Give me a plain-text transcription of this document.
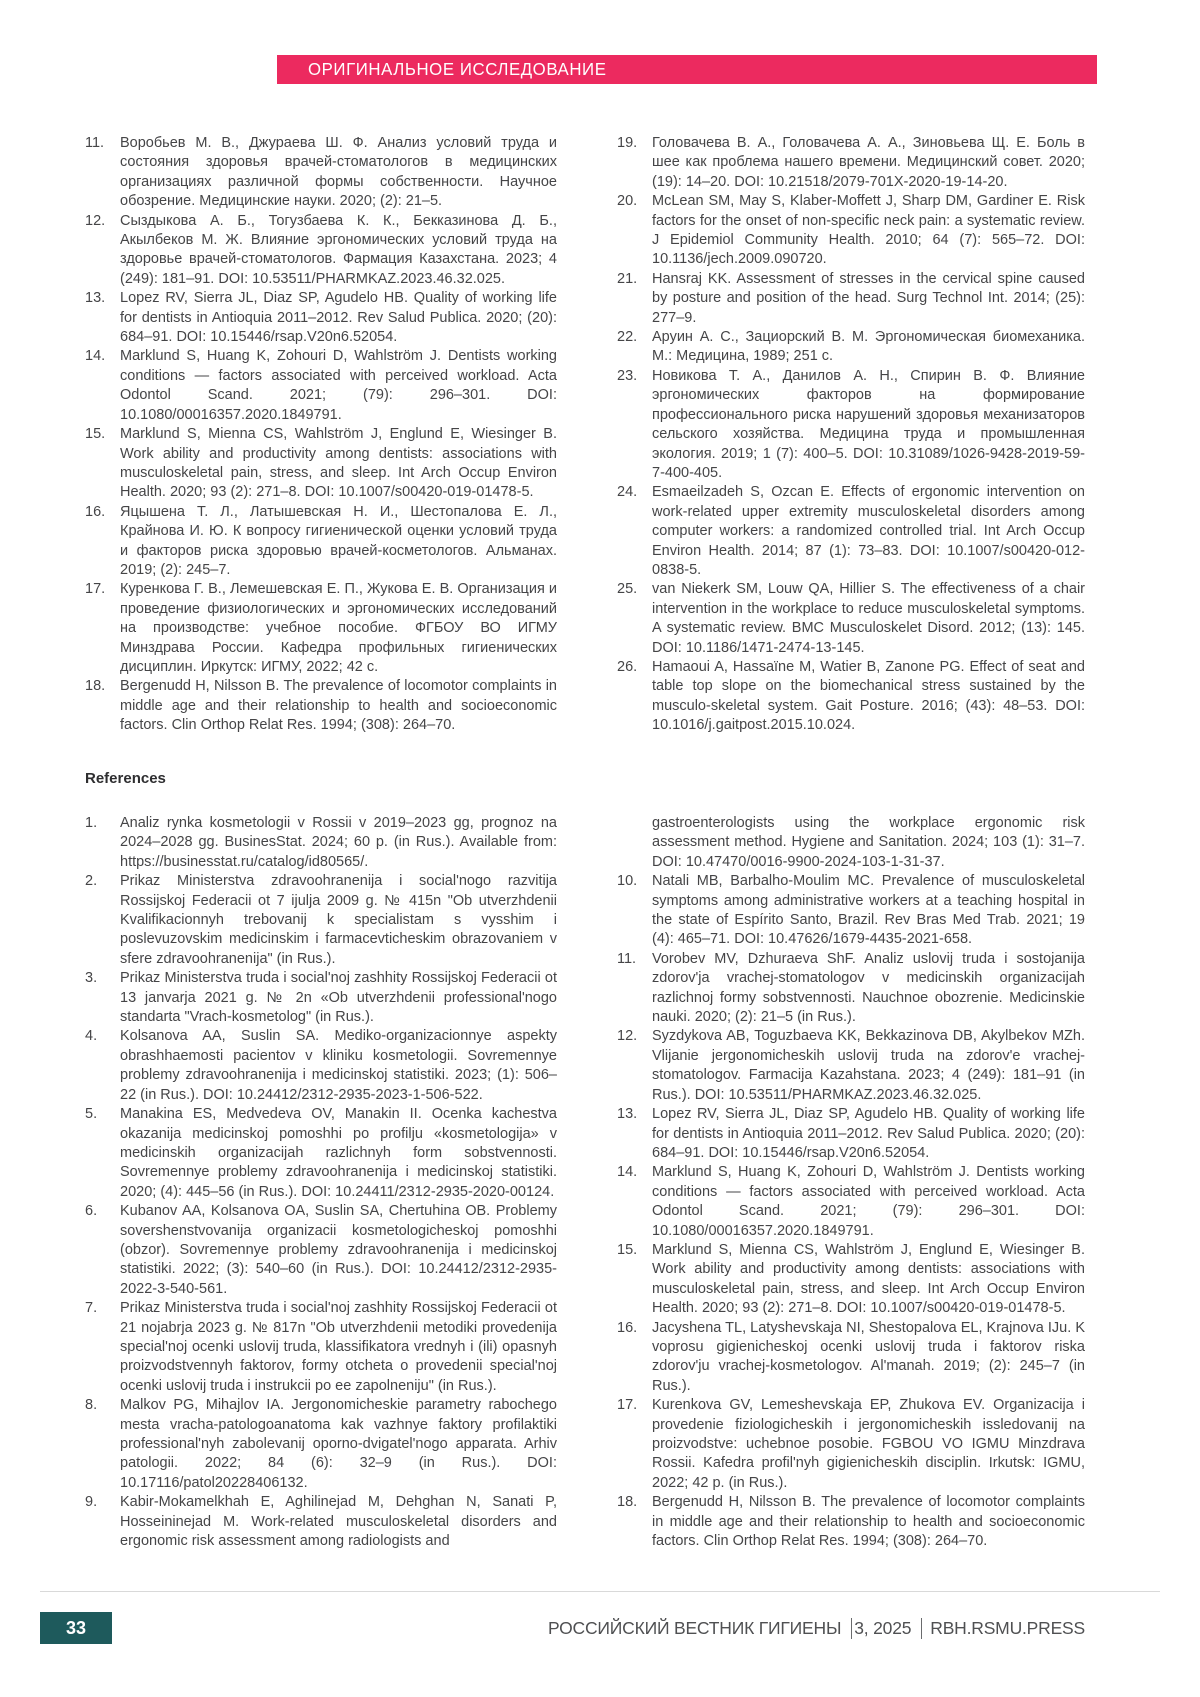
ОРИГИНАЛЬНОЕ ИССЛЕДОВАНИЕ
11.	Воробьев М. В., Джураева Ш. Ф. Анализ условий труда и состояния здоровья врачей-стоматологов в медицинских организациях различной формы собственности. Научное обозрение. Медицинские науки. 2020; (2): 21–5.
12.	Сыздыкова А. Б., Тогузбаева К. К., Бекказинова Д. Б., Акылбеков М. Ж. Влияние эргономических условий труда на здоровье врачей-стоматологов. Фармация Казахстана. 2023; 4 (249): 181–91. DOI: 10.53511/PHARMKAZ.2023.46.32.025.
13.	Lopez RV, Sierra JL, Diaz SP, Agudelo HB. Quality of working life for dentists in Antioquia 2011–2012. Rev Salud Publica. 2020; (20): 684–91. DOI: 10.15446/rsap.V20n6.52054.
14.	Marklund S, Huang K, Zohouri D, Wahlström J. Dentists working conditions — factors associated with perceived workload. Acta Odontol Scand. 2021; (79): 296–301. DOI: 10.1080/00016357.2020.1849791.
15.	Marklund S, Mienna CS, Wahlström J, Englund E, Wiesinger B. Work ability and productivity among dentists: associations with musculoskeletal pain, stress, and sleep. Int Arch Occup Environ Health. 2020; 93 (2): 271–8. DOI: 10.1007/s00420-019-01478-5.
16.	Яцышена Т. Л., Латышевская Н. И., Шестопалова Е. Л., Крайнова И. Ю. К вопросу гигиенической оценки условий труда и факторов риска здоровью врачей-косметологов. Альманах. 2019; (2): 245–7.
17.	Куренкова Г. В., Лемешевская Е. П., Жукова Е. В. Организация и проведение физиологических и эргономических исследований на производстве: учебное пособие. ФГБОУ ВО ИГМУ Минздрава России. Кафедра профильных гигиенических дисциплин. Иркутск: ИГМУ, 2022; 42 с.
18.	Bergenudd H, Nilsson B. The prevalence of locomotor complaints in middle age and their relationship to health and socioeconomic factors. Clin Orthop Relat Res. 1994; (308): 264–70.
19.	Головачева В. А., Головачева А. А., Зиновьева Щ. Е. Боль в шее как проблема нашего времени. Медицинский совет. 2020; (19): 14–20. DOI: 10.21518/2079-701X-2020-19-14-20.
20.	McLean SM, May S, Klaber-Moffett J, Sharp DM, Gardiner E. Risk factors for the onset of non-specific neck pain: a systematic review. J Epidemiol Community Health. 2010; 64 (7): 565–72. DOI: 10.1136/jech.2009.090720.
21.	Hansraj KK. Assessment of stresses in the cervical spine caused by posture and position of the head. Surg Technol Int. 2014; (25): 277–9.
22.	Аруин А. С., Зациорский В. М. Эргономическая биомеханика. М.: Медицина, 1989; 251 с.
23.	Новикова Т. А., Данилов А. Н., Спирин В. Ф. Влияние эргономических факторов на формирование профессионального риска нарушений здоровья механизаторов сельского хозяйства. Медицина труда и промышленная экология. 2019; 1 (7): 400–5. DOI: 10.31089/1026-9428-2019-59-7-400-405.
24.	Esmaeilzadeh S, Ozcan E. Effects of ergonomic intervention on work-related upper extremity musculoskeletal disorders among computer workers: a randomized controlled trial. Int Arch Occup Environ Health. 2014; 87 (1): 73–83. DOI: 10.1007/s00420-012-0838-5.
25.	van Niekerk SM, Louw QA, Hillier S. The effectiveness of a chair intervention in the workplace to reduce musculoskeletal symptoms. A systematic review. BMC Musculoskelet Disord. 2012; (13): 145. DOI: 10.1186/1471-2474-13-145.
26.	Hamaoui A, Hassaïne M, Watier B, Zanone PG. Effect of seat and table top slope on the biomechanical stress sustained by the musculo-skeletal system. Gait Posture. 2016; (43): 48–53. DOI: 10.1016/j.gaitpost.2015.10.024.
References
1.	Analiz rynka kosmetologii v Rossii v 2019–2023 gg, prognoz na 2024–2028 gg. BusinesStat. 2024; 60 p. (in Rus.). Available from: https://businesstat.ru/catalog/id80565/.
2.	Prikaz Ministerstva zdravoohranenija i social'nogo razvitija Rossijskoj Federacii ot 7 ijulja 2009 g. № 415n "Ob utverzhdenii Kvalifikacionnyh trebovanij k specialistam s vysshim i poslevuzovskim medicinskim i farmacevticheskim obrazovaniem v sfere zdravoohranenija" (in Rus.).
3.	Prikaz Ministerstva truda i social'noj zashhity Rossijskoj Federacii ot 13 janvarja 2021 g. № 2n «Ob utverzhdenii professional'nogo standarta "Vrach-kosmetolog" (in Rus.).
4.	Kolsanova AA, Suslin SA. Mediko-organizacionnye aspekty obrashhaemosti pacientov v kliniku kosmetologii. Sovremennye problemy zdravoohranenija i medicinskoj statistiki. 2023; (1): 506–22 (in Rus.). DOI: 10.24412/2312-2935-2023-1-506-522.
5.	Manakina ES, Medvedeva OV, Manakin II. Ocenka kachestva okazanija medicinskoj pomoshhi po profilju «kosmetologija» v medicinskih organizacijah razlichnyh form sobstvennosti. Sovremennye problemy zdravoohranenija i medicinskoj statistiki. 2020; (4): 445–56 (in Rus.). DOI: 10.24411/2312-2935-2020-00124.
6.	Kubanov AA, Kolsanova OA, Suslin SA, Chertuhina OB. Problemy sovershenstvovanija organizacii kosmetologicheskoj pomoshhi (obzor). Sovremennye problemy zdravoohranenija i medicinskoj statistiki. 2022; (3): 540–60 (in Rus.). DOI: 10.24412/2312-2935-2022-3-540-561.
7.	Prikaz Ministerstva truda i social'noj zashhity Rossijskoj Federacii ot 21 nojabrja 2023 g. № 817n "Ob utverzhdenii metodiki provedenija special'noj ocenki uslovij truda, klassifikatora vrednyh i (ili) opasnyh proizvodstvennyh faktorov, formy otcheta o provedenii special'noj ocenki uslovij truda i instrukcii po ee zapolneniju" (in Rus.).
8.	Malkov PG, Mihajlov IA. Jergonomicheskie parametry rabochego mesta vracha-patologoanatoma kak vazhnye faktory profilaktiki professional'nyh zabolevanij oporno-dvigatel'nogo apparata. Arhiv patologii. 2022; 84 (6): 32–9 (in Rus.). DOI: 10.17116/patol20228406132.
9.	Kabir-Mokamelkhah E, Aghilinejad M, Dehghan N, Sanati P, Hosseininejad M. Work-related musculoskeletal disorders and ergonomic risk assessment among radiologists and
gastroenterologists using the workplace ergonomic risk assessment method. Hygiene and Sanitation. 2024; 103 (1): 31–7. DOI: 10.47470/0016-9900-2024-103-1-31-37.
10.	Natali MB, Barbalho-Moulim MC. Prevalence of musculoskeletal symptoms among administrative workers at a teaching hospital in the state of Espírito Santo, Brazil. Rev Bras Med Trab. 2021; 19 (4): 465–71. DOI: 10.47626/1679-4435-2021-658.
11.	Vorobev MV, Dzhuraeva ShF. Analiz uslovij truda i sostojanija zdorov'ja vrachej-stomatologov v medicinskih organizacijah razlichnoj formy sobstvennosti. Nauchnoe obozrenie. Medicinskie nauki. 2020; (2): 21–5 (in Rus.).
12.	Syzdykova AB, Toguzbaeva KK, Bekkazinova DB, Akylbekov MZh. Vlijanie jergonomicheskih uslovij truda na zdorov'e vrachej-stomatologov. Farmacija Kazahstana. 2023; 4 (249): 181–91 (in Rus.). DOI: 10.53511/PHARMKAZ.2023.46.32.025.
13.	Lopez RV, Sierra JL, Diaz SP, Agudelo HB. Quality of working life for dentists in Antioquia 2011–2012. Rev Salud Publica. 2020; (20): 684–91. DOI: 10.15446/rsap.V20n6.52054.
14.	Marklund S, Huang K, Zohouri D, Wahlström J. Dentists working conditions — factors associated with perceived workload. Acta Odontol Scand. 2021; (79): 296–301. DOI: 10.1080/00016357.2020.1849791.
15.	Marklund S, Mienna CS, Wahlström J, Englund E, Wiesinger B. Work ability and productivity among dentists: associations with musculoskeletal pain, stress, and sleep. Int Arch Occup Environ Health. 2020; 93 (2): 271–8. DOI: 10.1007/s00420-019-01478-5.
16.	Jacyshena TL, Latyshevskaja NI, Shestopalova EL, Krajnova IJu. K voprosu gigienicheskoj ocenki uslovij truda i faktorov riska zdorov'ju vrachej-kosmetologov. Al'manah. 2019; (2): 245–7 (in Rus.).
17.	Kurenkova GV, Lemeshevskaja EP, Zhukova EV. Organizacija i provedenie fiziologicheskih i jergonomicheskih issledovanij na proizvodstve: uchebnoe posobie. FGBOU VO IGMU Minzdrava Rossii. Kafedra profil'nyh gigienicheskih disciplin. Irkutsk: IGMU, 2022; 42 p. (in Rus.).
18.	Bergenudd H, Nilsson B. The prevalence of locomotor complaints in middle age and their relationship to health and socioeconomic factors. Clin Orthop Relat Res. 1994; (308): 264–70.
33	РОССИЙСКИЙ ВЕСТНИК ГИГИЕНЫ 3, 2025 RBH.RSMU.PRESS
